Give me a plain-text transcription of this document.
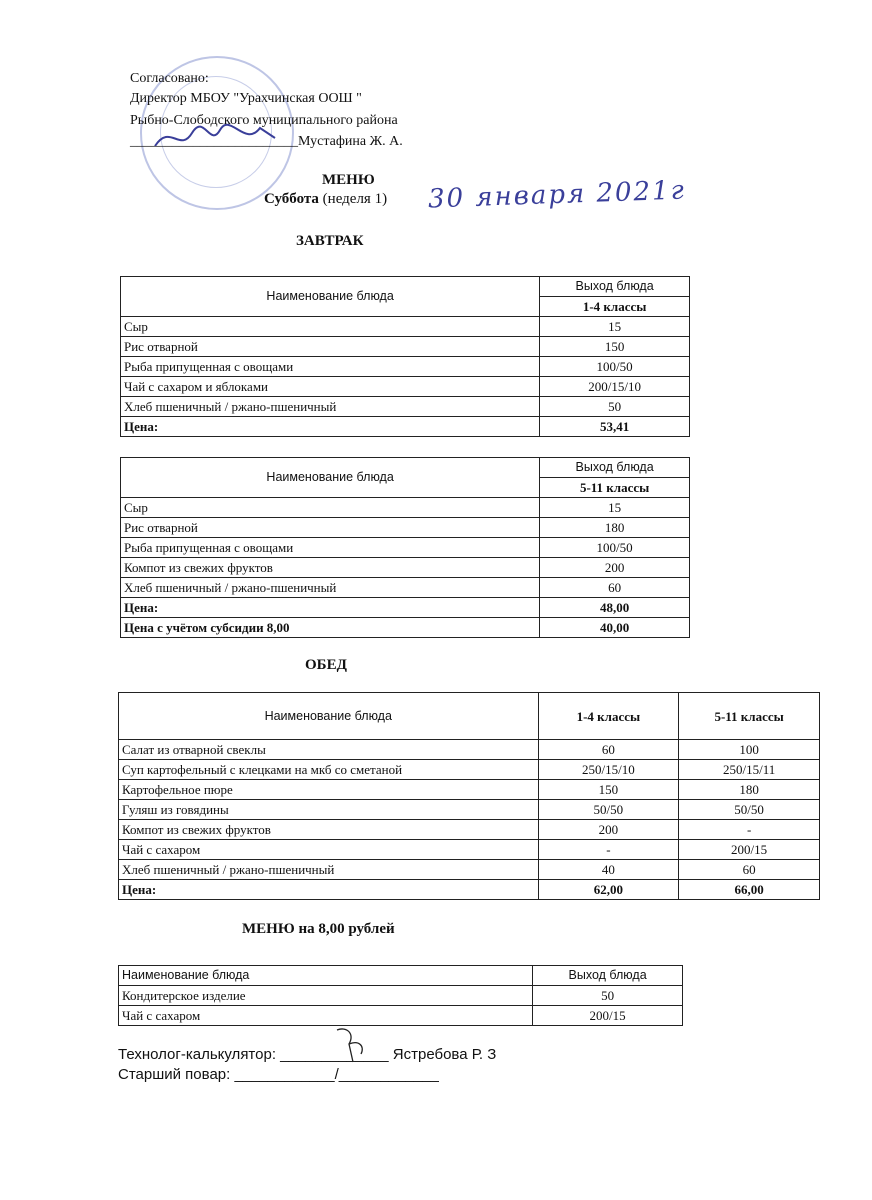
Согласовано:
Директор МБОУ "Урахчинская ООШ "
Рыбно-Слободского муниципального района
________________________Мустафина Ж. А.
МЕНЮ
Суббота (неделя 1) 30 января 2021г
ЗАВТРАК
Наименование блюда	Выход блюда
	1-4 классы
Сыр	15
Рис отварной	150
Рыба припущенная с овощами	100/50
Чай с сахаром и яблоками	200/15/10
Хлеб пшеничный / ржано-пшеничный	50
Цена:	53,41
Наименование блюда	Выход блюда
	5-11 классы
Сыр	15
Рис отварной	180
Рыба припущенная с овощами	100/50
Компот из свежих фруктов	200
Хлеб пшеничный / ржано-пшеничный	60
Цена:	48,00
Цена с учётом субсидии 8,00	40,00
ОБЕД
Наименование блюда	1-4 классы	5-11 классы
Салат из отварной свеклы	60	100
Суп картофельный с клецками на мкб со сметаной	250/15/10	250/15/11
Картофельное пюре	150	180
Гуляш из говядины	50/50	50/50
Компот из свежих фруктов	200	-
Чай с сахаром	-	200/15
Хлеб пшеничный / ржано-пшеничный	40	60
Цена:	62,00	66,00
МЕНЮ на 8,00 рублей
Наименование блюда	Выход блюда
Кондитерское изделие	50
Чай с сахаром	200/15
Технолог-калькулятор: _____________ Ястребова Р. З
Старший повар: ____________/____________
